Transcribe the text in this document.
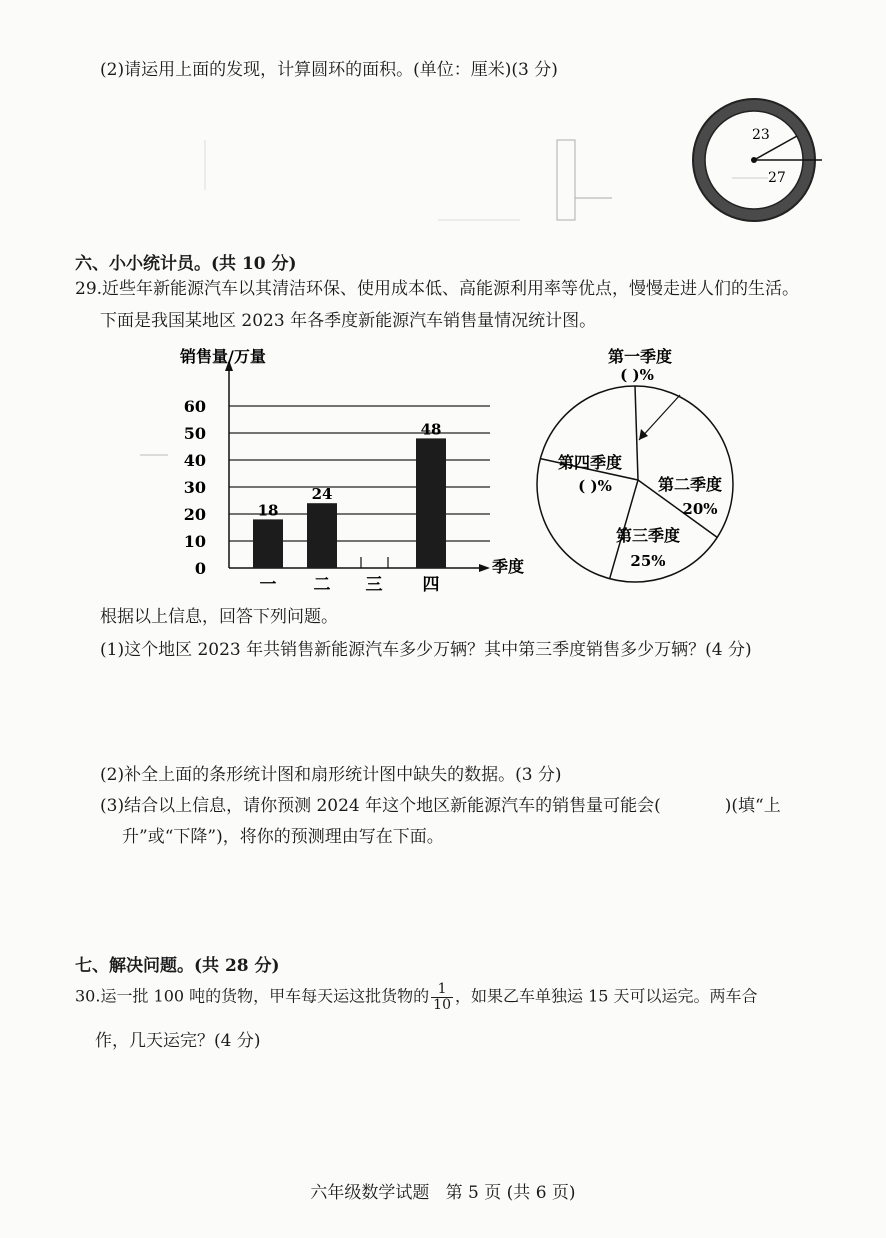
(2)请运用上面的发现，计算圆环的面积。(单位：厘米)(3 分)
23
27
六、小小统计员。(共 10 分)
29.近些年新能源汽车以其清洁环保、使用成本低、高能源利用率等优点，慢慢走进人们的生活。
下面是我国某地区 2023 年各季度新能源汽车销售量情况统计图。
0
10
20
30
40
50
60
销售量/万量
季度
18
一
24
二 三
48
四
第一季度
( )%
第二季度
20%
第三季度
25%
第四季度
( )%
根据以上信息，回答下列问题。
(1)这个地区 2023 年共销售新能源汽车多少万辆？其中第三季度销售多少万辆？(4 分)
(2)补全上面的条形统计图和扇形统计图中缺失的数据。(3 分)
(3)结合以上信息，请你预测 2024 年这个地区新能源汽车的销售量可能会(	)(填“上
升”或“下降”)，将你的预测理由写在下面。
七、解决问题。(共 28 分)
30.运一批 100 吨的货物，甲车每天运这批货物的 $\frac{1}{10}$ ，如果乙车单独运 15 天可以运完。两车合
作，几天运完？(4 分)
六年级数学试题   第 5 页 (共 6 页)
